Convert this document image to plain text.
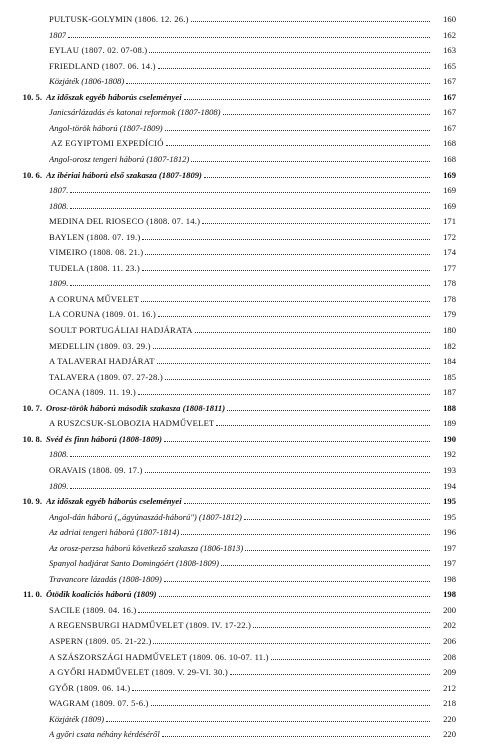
PULTUSK-GOLYMIN (1806. 12. 26.)	160
1807	162
EYLAU (1807. 02. 07-08.)	163
FRIEDLAND (1807. 06. 14.)	165
Közjáték (1806-1808)	167
10. 5. Az időszak egyéb háborús cseleményei	167
Janicsárlázadás és katonai reformok (1807-1808)	167
Angol-török háború (1807-1809)	167
AZ EGYIPTOMI EXPEDÍCIÓ	168
Angol-orosz tengeri háború (1807-1812)	168
10. 6. Az ibériai háború első szakasza (1807-1809)	169
1807.	169
1808.	169
MEDINA DEL RIOSECO (1808. 07. 14.)	171
BAYLEN (1808. 07. 19.)	172
VIMEIRO (1808. 08. 21.)	174
TUDELA (1808. 11. 23.)	177
1809.	178
A CORUNA MŰVELET	178
LA CORUNA (1809. 01. 16.)	179
SOULT PORTUGÁLIAI HADJÁRATA	180
MEDELLIN (1809. 03. 29.)	182
A TALAVERAI HADJÁRAT	184
TALAVERA (1809. 07. 27-28.)	185
OCANA (1809. 11. 19.)	187
10. 7. Orosz-török háború második szakasza (1808-1811)	188
A RUSZCSUK-SLOBOZIA HADMŰVELET	189
10. 8. Svéd és finn háború (1808-1809)	190
1808.	192
ORAVAIS (1808. 09. 17.)	193
1809.	194
10. 9. Az időszak egyéb háborús cseleményei	195
Angol-dán háború („ágyúnaszád-háború") (1807-1812)	195
Az adriai tengeri háború (1807-1814)	196
Az orosz-perzsa háború következő szakasza (1806-1813)	197
Spanyol hadjárat Santo Domingóért (1808-1809)	197
Travancore lázadás (1808-1809)	198
11. 0. Ötödik koalíciós háború (1809)	198
SACILE (1809. 04. 16.)	200
A REGENSBURGI HADMŰVELET (1809. IV. 17-22.)	202
ASPERN (1809. 05. 21-22.)	206
A SZÁSZORSZÁGI HADMŰVELET (1809. 06. 10-07. 11.)	208
A GYŐRI HADMŰVELET (1809. V. 29-VI. 30.)	209
GYŐR (1809. 06. 14.)	212
WAGRAM (1809. 07. 5-6.)	218
Közjáték (1809)	220
A győri csata néhány kérdéséről	220
